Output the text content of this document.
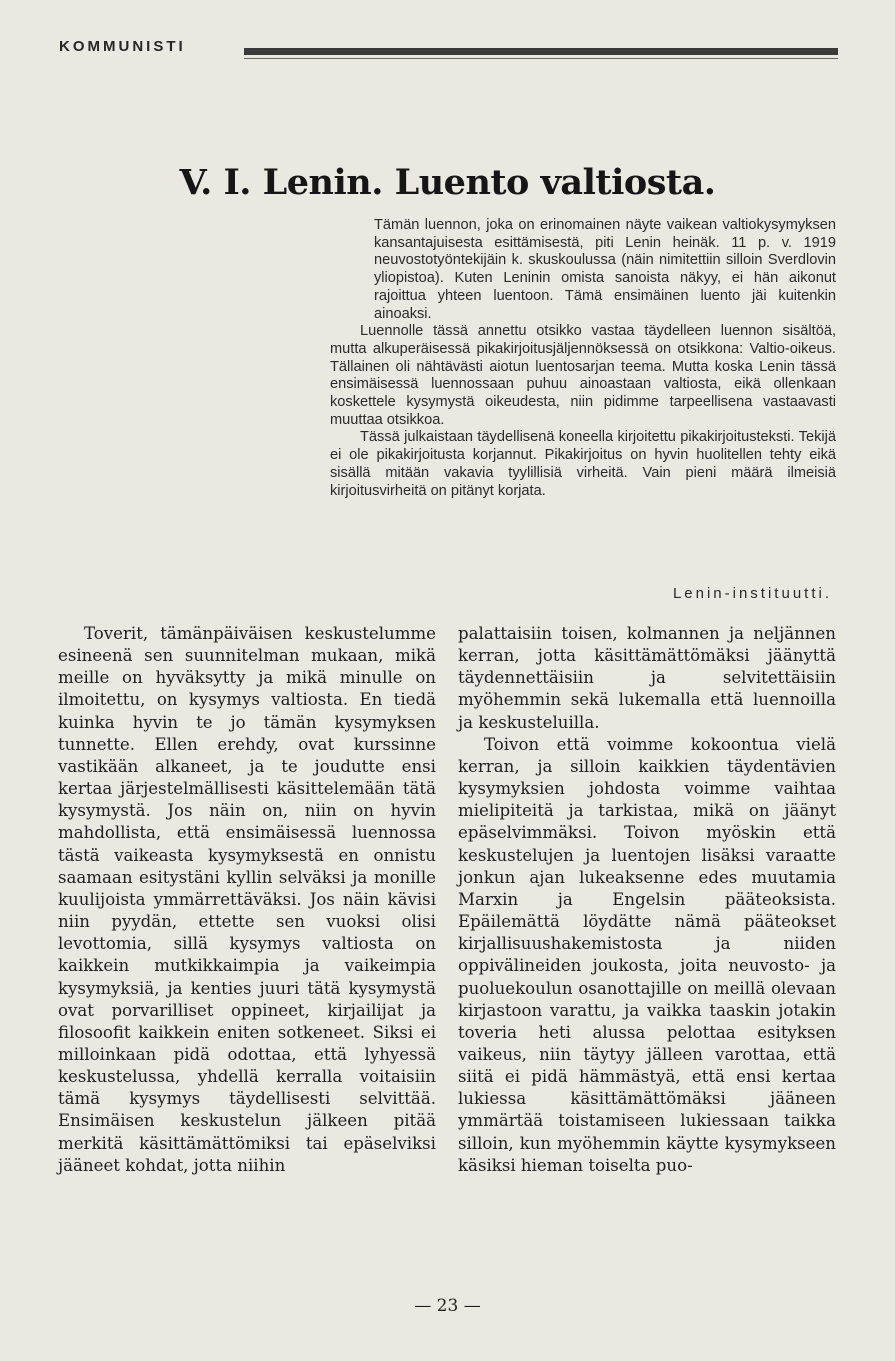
KOMMUNISTI
V. I. Lenin. Luento valtiosta.

Tämän luennon, joka on erinomainen näyte vaikean valtiokysymyksen kansantajuisesta esittämisestä, piti Lenin heinäk. 11 p. v. 1919 neuvostotyöntekijäin k. skuskoulussa (näin nimitettiin silloin Sverdlovin yliopistoa). Kuten Leninin omista sanoista näkyy, ei hän aikonut rajoittua yhteen luentoon. Tämä ensimäinen luento jäi kuitenkin ainoaksi.

Luennolle tässä annettu otsikko vastaa täydelleen luennon sisältöä, mutta alkuperäisessä pikakirjoitusjäljennöksessä on otsikkona: Valtio-oikeus. Tällainen oli nähtävästi aiotun luentosarjan teema. Mutta koska Lenin tässä ensimäisessä luennossaan puhuu ainoastaan valtiosta, eikä ollenkaan koskettele kysymystä oikeudesta, niin pidimme tarpeellisena vastaavasti muuttaa otsikkoa.

Tässä julkaistaan täydellisenä koneella kirjoitettu pikakirjoitusteksti. Tekijä ei ole pikakirjoitusta korjannut. Pikakirjoitus on hyvin huolitellen tehty eikä sisällä mitään vakavia tyylillisiä virheitä. Vain pieni määrä ilmeisiä kirjoitusvirheitä on pitänyt korjata.

Lenin-instituutti.

Toverit, tämänpäiväisen keskustelumme esineenä sen suunnitelman mukaan, mikä meille on hyväksytty ja mikä minulle on ilmoitettu, on kysymys valtiosta. En tiedä kuinka hyvin te jo tämän kysymyksen tunnette. Ellen erehdy, ovat kurssinne vastikään alkaneet, ja te joudutte ensi kertaa järjestelmällisesti käsittelemään tätä kysymystä. Jos näin on, niin on hyvin mahdollista, että ensimäisessä luennossa tästä vaikeasta kysymyksestä en onnistu saamaan esitystäni kyllin selväksi ja monille kuulijoista ymmärrettäväksi. Jos näin kävisi niin pyydän, ettette sen vuoksi olisi levottomia, sillä kysymys valtiosta on kaikkein mutkikkaimpia ja vaikeimpia kysymyksiä, ja kenties juuri tätä kysymystä ovat porvarilliset oppineet, kirjailijat ja filosoofit kaikkein eniten sotkeneet. Siksi ei milloinkaan pidä odottaa, että lyhyessä keskustelussa, yhdellä kerralla voitaisiin tämä kysymys täydellisesti selvittää. Ensimäisen keskustelun jälkeen pitää merkitä käsittämättömiksi tai epäselviksi jääneet kohdat, jotta niihin

palattaisiin toisen, kolmannen ja neljännen kerran, jotta käsittämättömäksi jäänyttä täydennettäisiin ja selvitettäisiin myöhemmin sekä lukemalla että luennoilla ja keskusteluilla.

Toivon että voimme kokoontua vielä kerran, ja silloin kaikkien täydentävien kysymyksien johdosta voimme vaihtaa mielipiteitä ja tarkistaa, mikä on jäänyt epäselvimmäksi. Toivon myöskin että keskustelujen ja luentojen lisäksi varaatte jonkun ajan lukeaksenne edes muutamia Marxin ja Engelsin pääteoksista. Epäilemättä löydätte nämä pääteokset kirjallisuushakemistosta ja niiden oppivälineiden joukosta, joita neuvosto- ja puoluekoulun osanottajille on meillä olevaan kirjastoon varattu, ja vaikka taaskin jotakin toveria heti alussa pelottaa esityksen vaikeus, niin täytyy jälleen varottaa, että siitä ei pidä hämmästyä, että ensi kertaa lukiessa käsittämättömäksi jääneen ymmärtää toistamiseen lukiessaan taikka silloin, kun myöhemmin käytte kysymykseen käsiksi hieman toiselta puo-

— 23 —
